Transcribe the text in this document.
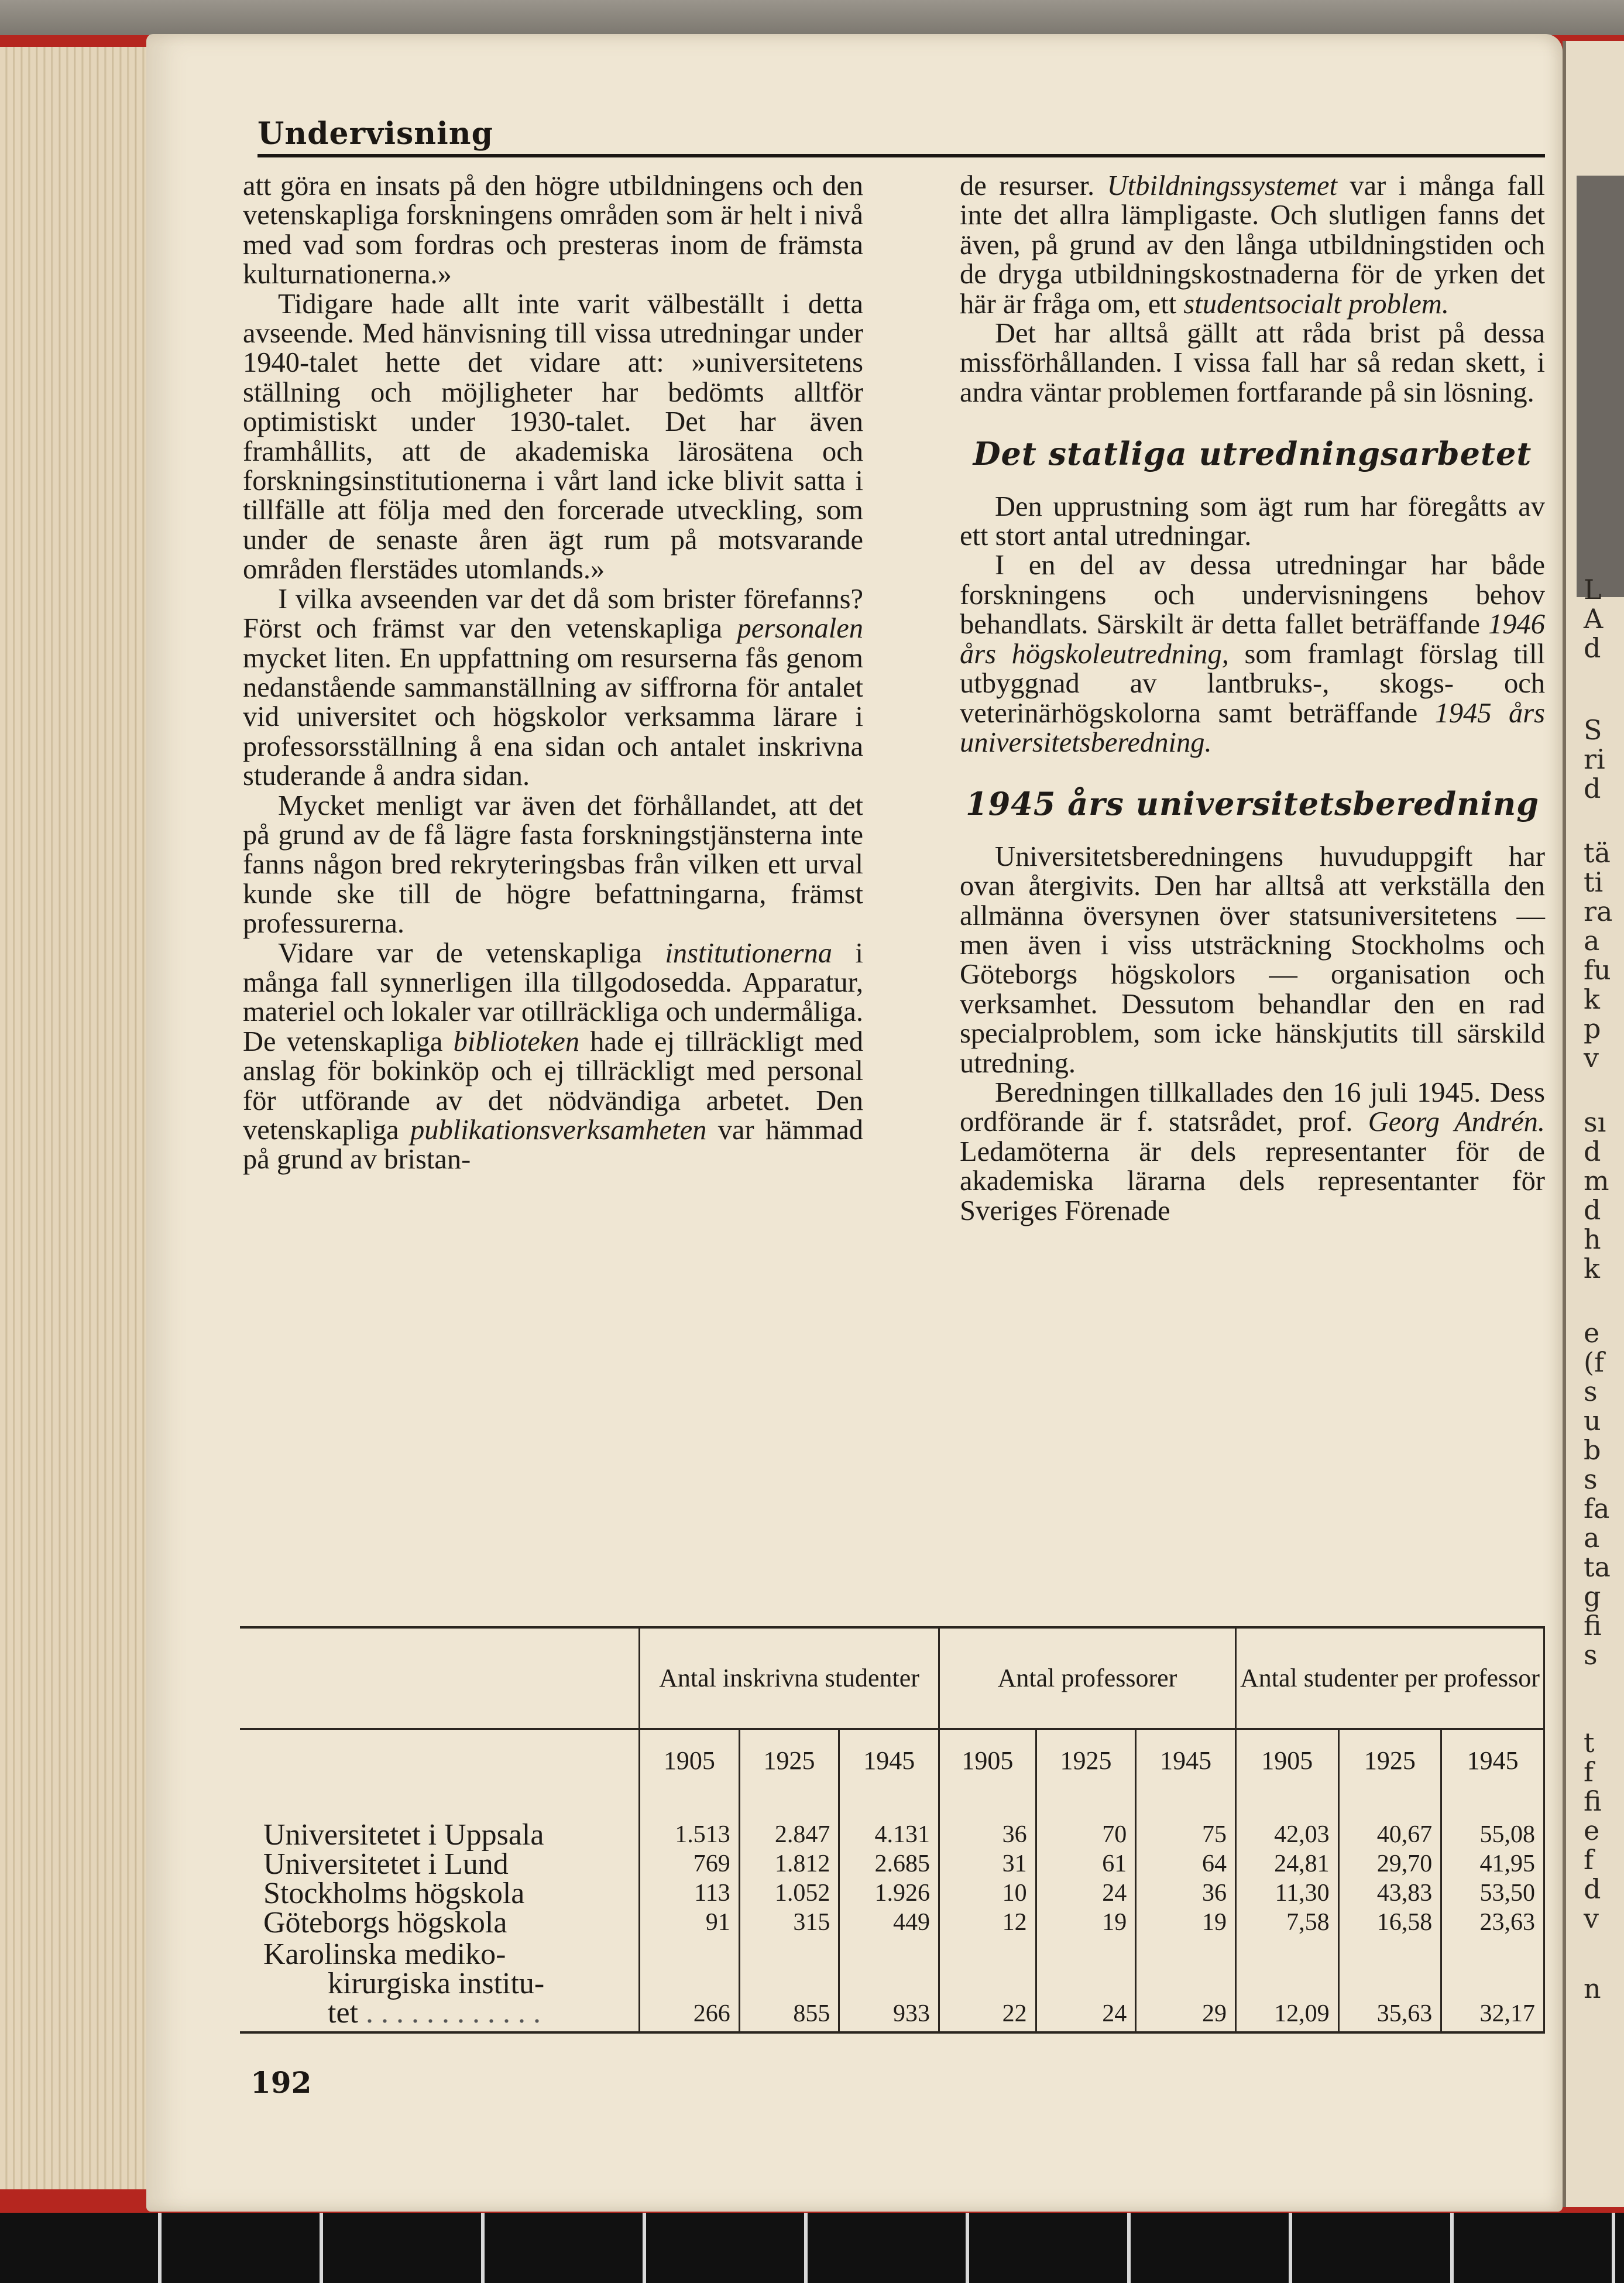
L
A
d
S
ri
d
tä
ti
ra
a
fu
k
p
v
sı
d
m
d
h
k
e
(f
s
u
b
s
fa
a
ta
g
fi
s
t
f
fi
e
f
d
v
n
Undervisning

att göra en insats på den högre utbildningens och den vetenskapliga forskningens områden som är helt i nivå med vad som fordras och presteras inom de främsta kulturnationerna.»

Tidigare hade allt inte varit välbeställt i detta avseende. Med hänvisning till vissa utredningar under 1940-talet hette det vidare att: »universitetens ställning och möjligheter har bedömts alltför optimistiskt under 1930-talet. Det har även framhållits, att de akademiska lärosätena och forskningsinstitutionerna i vårt land icke blivit satta i tillfälle att följa med den forcerade utveckling, som under de senaste åren ägt rum på motsvarande områden flerstädes utomlands.»

I vilka avseenden var det då som brister förefanns? Först och främst var den vetenskapliga personalen mycket liten. En uppfattning om resurserna fås genom nedanstående sammanställning av siffrorna för antalet vid universitet och högskolor verksamma lärare i professorsställning å ena sidan och antalet inskrivna studerande å andra sidan.

Mycket menligt var även det förhållandet, att det på grund av de få lägre fasta forskningstjänsterna inte fanns någon bred rekryteringsbas från vilken ett urval kunde ske till de högre befattningarna, främst professurerna.

Vidare var de vetenskapliga institutionerna i många fall synnerligen illa tillgodosedda. Apparatur, materiel och lokaler var otillräckliga och undermåliga. De vetenskapliga biblioteken hade ej tillräckligt med anslag för bokinköp och ej tillräckligt med personal för utförande av det nödvändiga arbetet. Den vetenskapliga publikationsverksamheten var hämmad på grund av bristan-

de resurser. Utbildningssystemet var i många fall inte det allra lämpligaste. Och slutligen fanns det även, på grund av den långa utbildningstiden och de dryga utbildningskostnaderna för de yrken det här är fråga om, ett studentsocialt problem.

Det har alltså gällt att råda brist på dessa missförhållanden. I vissa fall har så redan skett, i andra väntar problemen fortfarande på sin lösning.

Det statliga utredningsarbetet

Den upprustning som ägt rum har föregåtts av ett stort antal utredningar.

I en del av dessa utredningar har både forskningens och undervisningens behov behandlats. Särskilt är detta fallet beträffande 1946 års högskoleutredning, som framlagt förslag till utbyggnad av lantbruks-, skogs- och veterinärhögskolorna samt beträffande 1945 års universitetsberedning.

1945 års universitetsberedning

Universitetsberedningens huvuduppgift har ovan återgivits. Den har alltså att verkställa den allmänna översynen över statsuniversitetens — men även i viss utsträckning Stockholms och Göteborgs högskolors — organisation och verksamhet. Dessutom behandlar den en rad specialproblem, som icke hänskjutits till särskild utredning.

Beredningen tillkallades den 16 juli 1945. Dess ordförande är f. statsrådet, prof. Georg Andrén. Ledamöterna är dels representanter för de akademiska lärarna dels representanter för Sveriges Förenade

	Antal inskrivna studenter			Antal professorer			Antal studenter per professor		
	1905	1925	1945	1905	1925	1945	1905	1925	1945
Universitetet i Uppsala	1.513	2.847	4.131	36	70	75	42,03	40,67	55,08
Universitetet i Lund	769	1.812	2.685	31	61	64	24,81	29,70	41,95
Stockholms högskola	113	1.052	1.926	10	24	36	11,30	43,83	53,50
Göteborgs högskola	91	315	449	12	19	19	7,58	16,58	23,63

Karolinska mediko-
kirurgiska institu-
tet . . . . . . . . . . . .	266	855	933	22	24	29	12,09	35,63	32,17
192
